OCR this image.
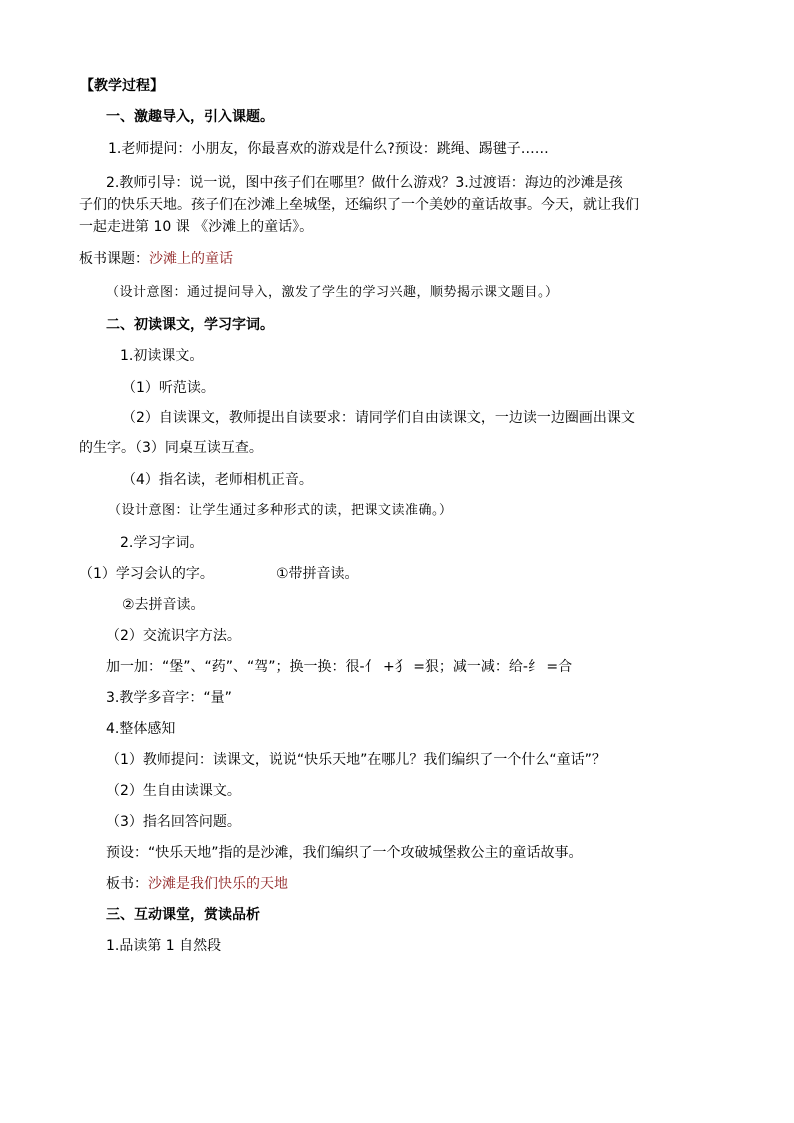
【教学过程】
一、激趣导入，引入课题。
1.老师提问：小朋友，你最喜欢的游戏是什么?预设：跳绳、踢毽子……
2.教师引导：说一说，图中孩子们在哪里？做什么游戏？3.过渡语：海边的沙滩是孩
子们的快乐天地。孩子们在沙滩上垒城堡，还编织了一个美妙的童话故事。今天，就让我们
一起走进第 10 课 《沙滩上的童话》。
板书课题：沙滩上的童话
（设计意图：通过提问导入，激发了学生的学习兴趣，顺势揭示课文题目。）
二、初读课文，学习字词。
1.初读课文。
（1）听范读。
（2）自读课文，教师提出自读要求：请同学们自由读课文，一边读一边圈画出课文
的生字。（3）同桌互读互查。
（4）指名读，老师相机正音。
（设计意图：让学生通过多种形式的读，把课文读准确。）
2.学习字词。
（1）学习会认的字。	①带拼音读。
②去拼音读。
（2）交流识字方法。
加一加：“堡”、“药”、“驾”；换一换：很-亻 +犭 =狠；减一减：给-纟 =合
3.教学多音字：“量”
4.整体感知
（1）教师提问：读课文，说说“快乐天地”在哪儿？我们编织了一个什么“童话”？
（2）生自由读课文。
（3）指名回答问题。
预设：“快乐天地”指的是沙滩，我们编织了一个攻破城堡救公主的童话故事。
板书：沙滩是我们快乐的天地
三、互动课堂，赏读品析
1.品读第 1 自然段
